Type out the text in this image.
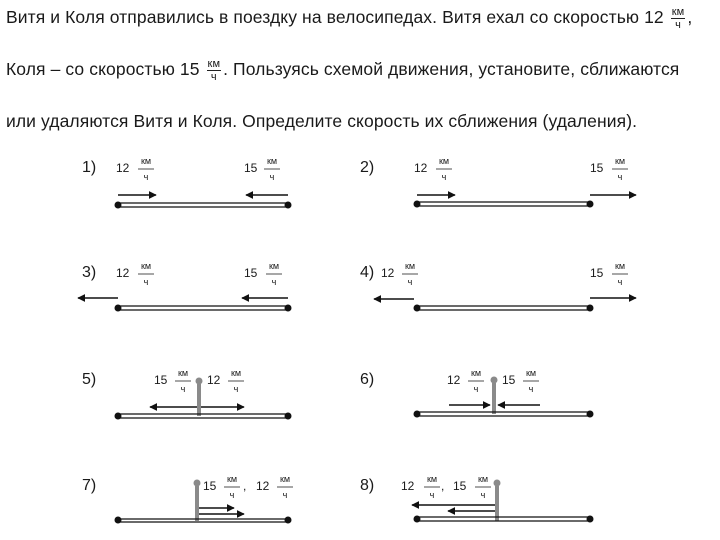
Витя и Коля отправились в поездку на велосипедах. Витя ехал со скоростью $12 \frac{км}{ч}$ ,
Коля – со скоростью $15 \frac{км}{ч}$ . Пользуясь схемой движения, установите, сближаются
или удаляются Витя и Коля. Определите скорость их сближения (удаления).
1) 12 км
ч
15 км
ч
2)	12 км
ч
15 км
ч
3) 12 км
ч
15 км
ч
4) 12 км
ч
15 км
ч
5)	15 км
ч
12 км
ч
6)	12 км
ч
15 км
ч
7)	15 км
ч
, 12 км
ч
8) 12 км
ч
, 15 км
ч
